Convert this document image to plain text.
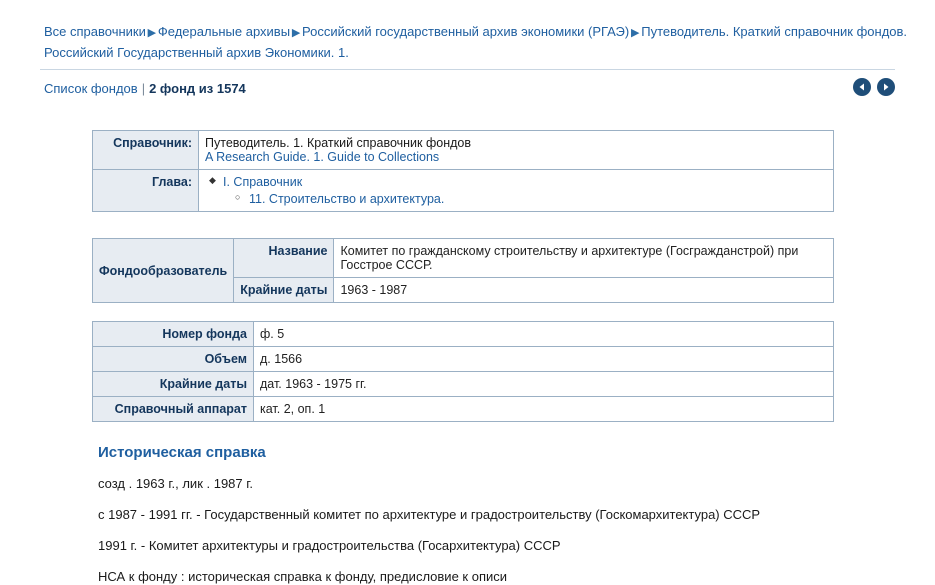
Все справочники ▶ Федеральные архивы ▶ Российский государственный архив экономики (РГАЭ) ▶ Путеводитель. Краткий справочник фондов. Российский Государственный архив Экономики. 1.
Список фондов | 2 фонд из 1574
Справочник:	Путеводитель. 1. Краткий справочник фондов
A Research Guide. 1. Guide to Collections

Глава:	
◆I. Справочник
○ 11. Строительство и архитектура.
Фондообразователь	Название	Комитет по гражданскому строительству и архитектуре (Госгражданстрой) при Госстрое СССР.
	Крайние даты	1963 - 1987
Номер фонда	ф. 5
Объем	д. 1566
Крайние даты	дат. 1963 - 1975 гг.
Справочный аппарат	кат. 2, оп. 1
Историческая справка

созд . 1963 г., лик . 1987 г.

с 1987 - 1991 гг. - Государственный комитет по архитектуре и градостроительству (Госкомархитектура) СССР

1991 г. - Комитет архитектуры и градостроительства (Госархитектура) СССР

НСА к фонду : историческая справка к фонду, предисловие к описи
